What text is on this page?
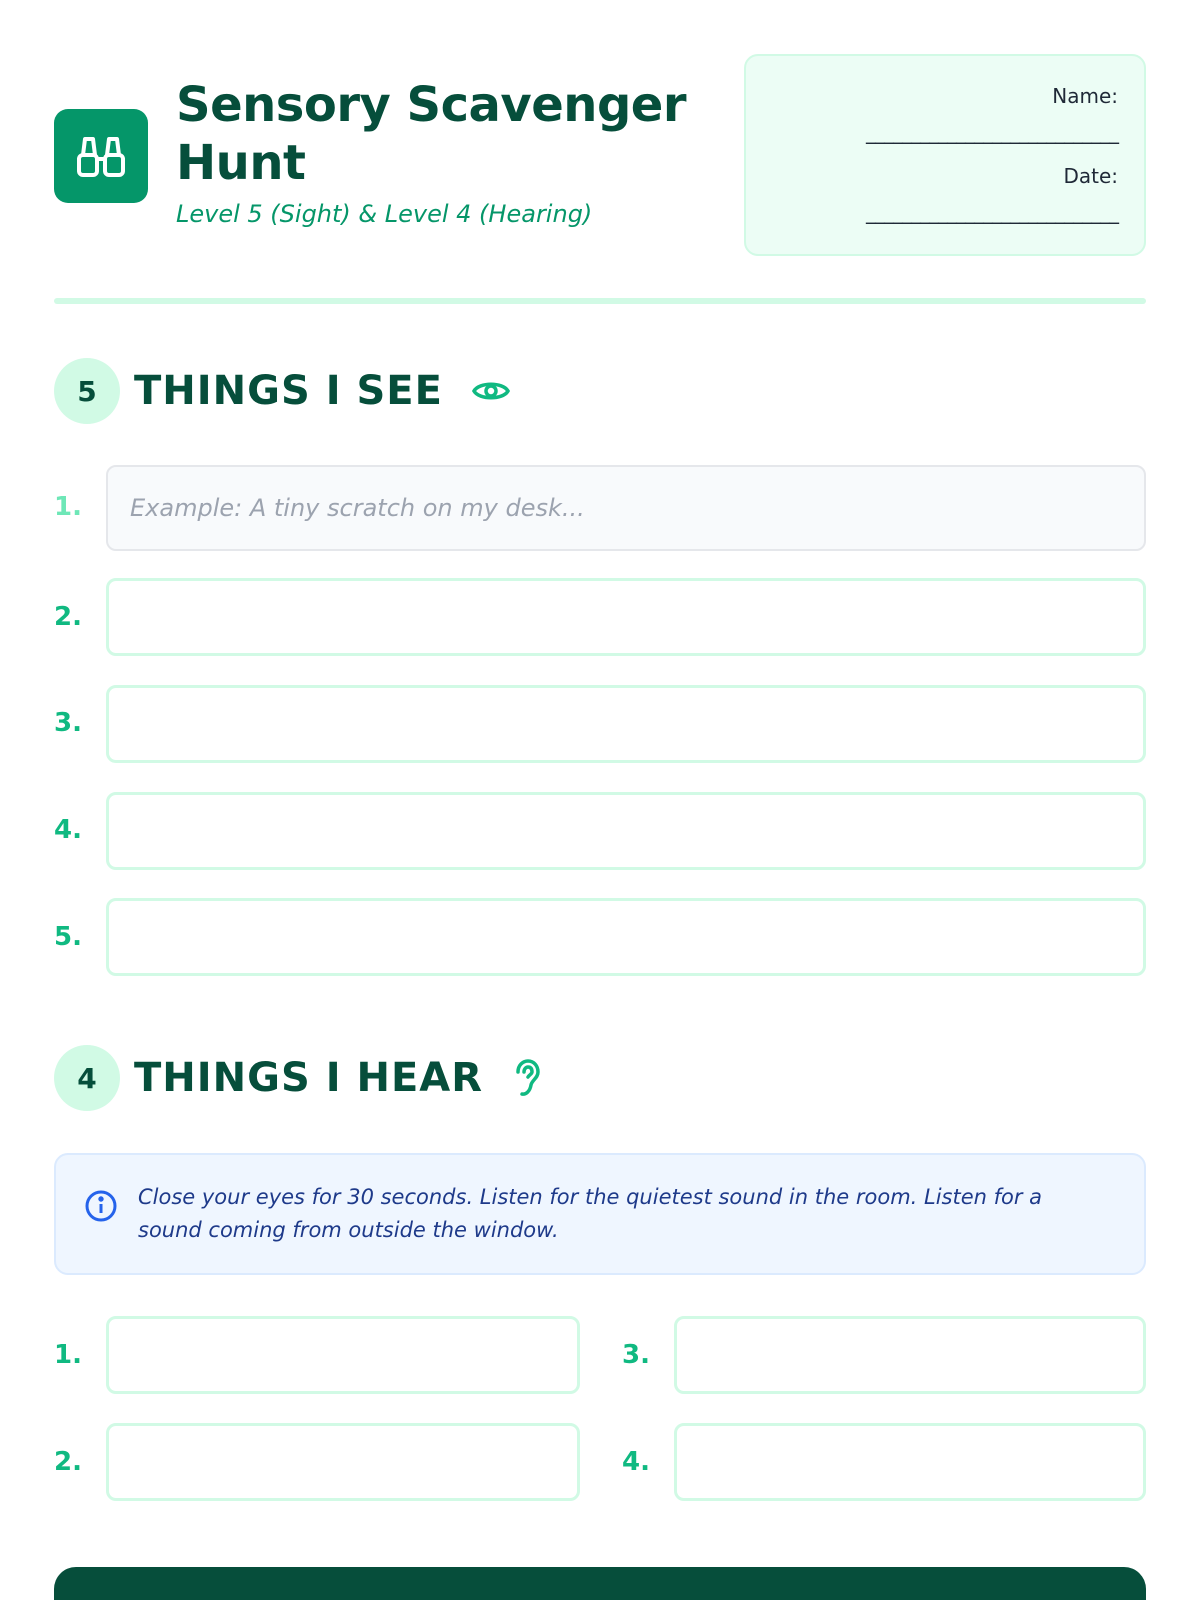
Sensory Scavenger Hunt
Level 5 (Sight) & Level 4 (Hearing)
Name:
____________________________
Date:
____________________________
5 THINGS I SEE
1.	Example: A tiny scratch on my desk...
2.
3.
4.
5.
4 THINGS I HEAR
Close your eyes for 30 seconds. Listen for the quietest sound in the room. Listen for a sound coming from outside the window.
1.
2.
3.
4.
